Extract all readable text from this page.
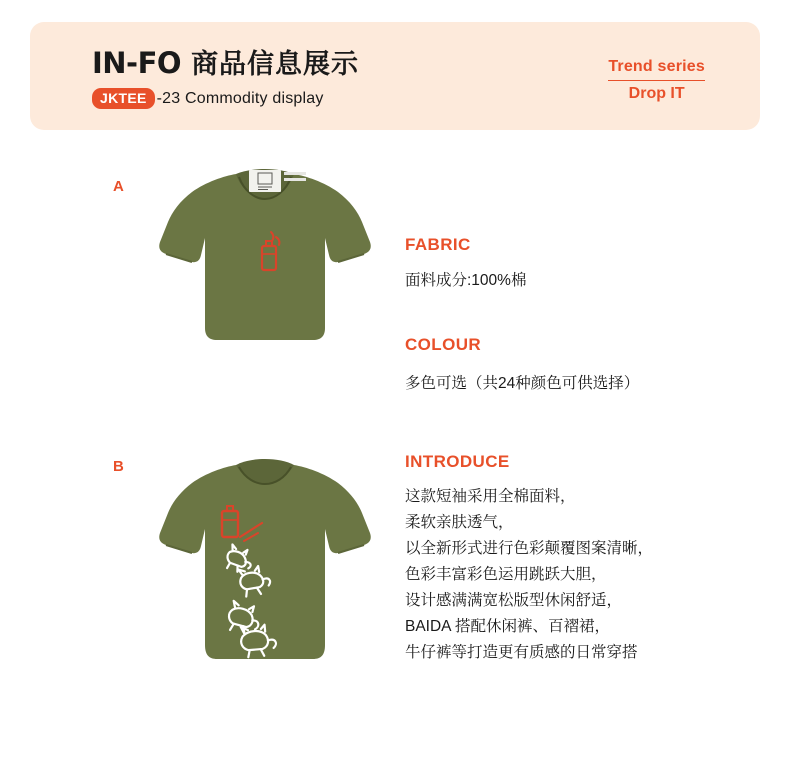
IN-FO 商品信息展示
JKTEE -23 Commodity display
Trend series
Drop IT
A
B
FABRIC
面料成分:100%棉
COLOUR
多色可选（共24种颜色可供选择）
INTRODUCE
这款短袖采用全棉面料，
柔软亲肤透气，
以全新形式进行色彩颠覆图案清晰，
色彩丰富彩色运用跳跃大胆，
设计感满满宽松版型休闲舒适，
BAIDA 搭配休闲裤、百褶裙，
牛仔裤等打造更有质感的日常穿搭
